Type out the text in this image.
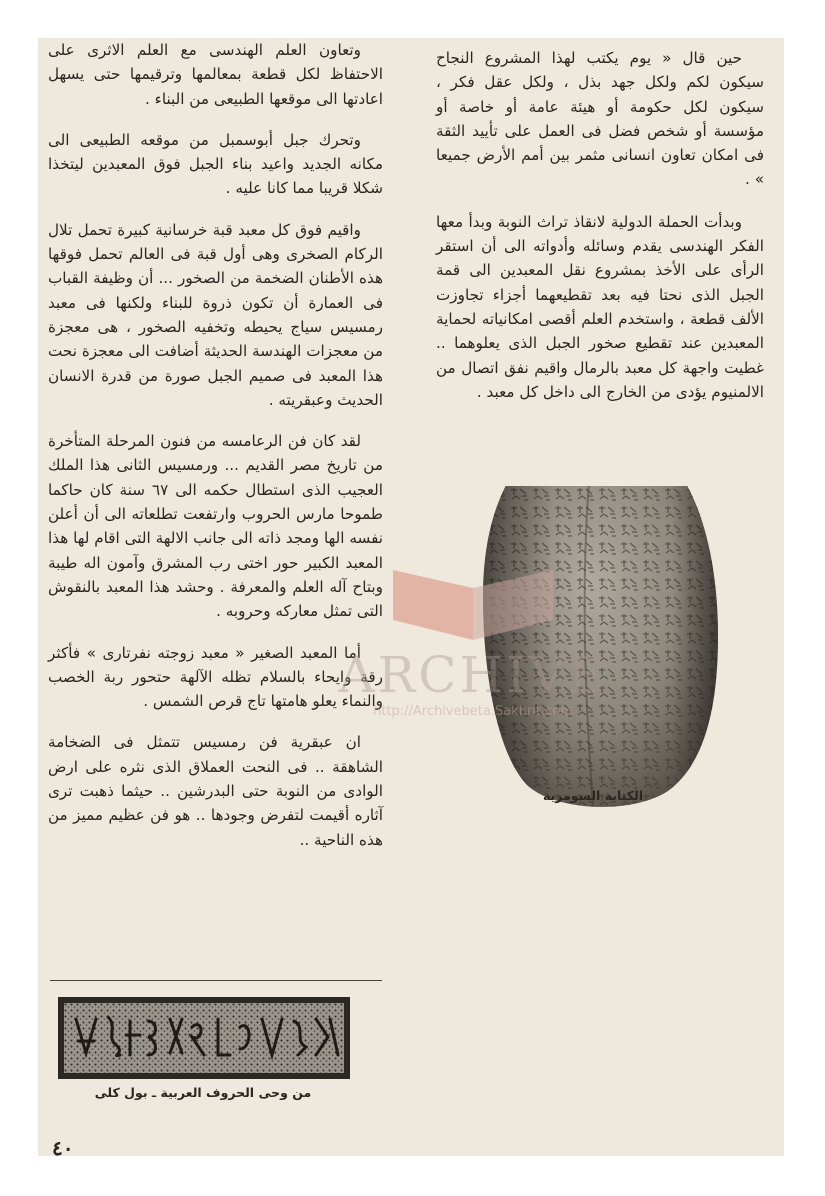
حين قال « يوم يكتب لهذا المشروع النجاح سيكون لكم ولكل جهد بذل ، ولكل عقل فكر ، سيكون لكل حكومة أو هيئة عامة أو خاصة أو مؤسسة أو شخص فضل فى العمل على تأييد الثقة فى امكان تعاون انسانى مثمر بين أمم الأرض جميعا » .

وبدأت الحملة الدولية لانقاذ تراث النوبة وبدأ معها الفكر الهندسى يقدم وسائله وأدواته الى أن استقر الرأى على الأخذ بمشروع نقل المعبدين الى قمة الجبل الذى نحتا فيه بعد تقطيعهما أجزاء تجاوزت الألف قطعة ، واستخدم العلم أقصى امكانياته لحماية المعبدين عند تقطيع صخور الجبل الذى يعلوهما .. غطيت واجهة كل معبد بالرمال واقيم نفق اتصال من الالمنيوم يؤدى من الخارج الى داخل كل معبد .

وتعاون العلم الهندسى مع العلم الاثرى على الاحتفاظ لكل قطعة بمعالمها وترقيمها حتى يسهل اعادتها الى موقعها الطبيعى من البناء .

وتحرك جبل أبوسمبل من موقعه الطبيعى الى مكانه الجديد واعيد بناء الجبل فوق المعبدين ليتخذا شكلا قريبا مما كانا عليه .

واقيم فوق كل معبد قبة خرسانية كبيرة تحمل تلال الركام الصخرى وهى أول قبة فى العالم تحمل فوقها هذه الأطنان الضخمة من الصخور ... أن وظيفة القباب فى العمارة أن تكون ذروة للبناء ولكنها فى معبد رمسيس سياج يحيطه وتخفيه الصخور ، هى معجزة من معجزات الهندسة الحديثة أضافت الى معجزة نحت هذا المعبد فى صميم الجبل صورة من قدرة الانسان الحديث وعبقريته .

لقد كان فن الرعامسه من فنون المرحلة المتأخرة من تاريخ مصر القديم ... ورمسيس الثانى هذا الملك العجيب الذى استطال حكمه الى ٦٧ سنة كان حاكما طموحا مارس الحروب وارتفعت تطلعاته الى أن أعلن نفسه الها ومجد ذاته الى جانب الالهة التى اقام لها هذا المعبد الكبير حور اختى رب المشرق وآمون اله طيبة وبتاح آله العلم والمعرفة . وحشد هذا المعبد بالنقوش التى تمثل معاركه وحروبه .

أما المعبد الصغير « معبد زوجته نفرتارى » فأكثر رقة وايحاء بالسلام تظله الآلهة حتحور ربة الخصب والنماء يعلو هامتها تاج قرص الشمس .

ان عبقرية فن رمسيس تتمثل فى الضخامة الشاهقة .. فى النحت العملاق الذى نثره على ارض الوادى من النوبة حتى البدرشين .. حيثما ذهبت ترى آثاره أقيمت لتفرض وجودها .. هو فن عظيم مميز من هذه الناحية ..

الكتابة السومرية
ARCHIVE
http://Archivebeta.Sakhrit.com
من وحى الحروف العربية ـ بول كلى
٤٠
